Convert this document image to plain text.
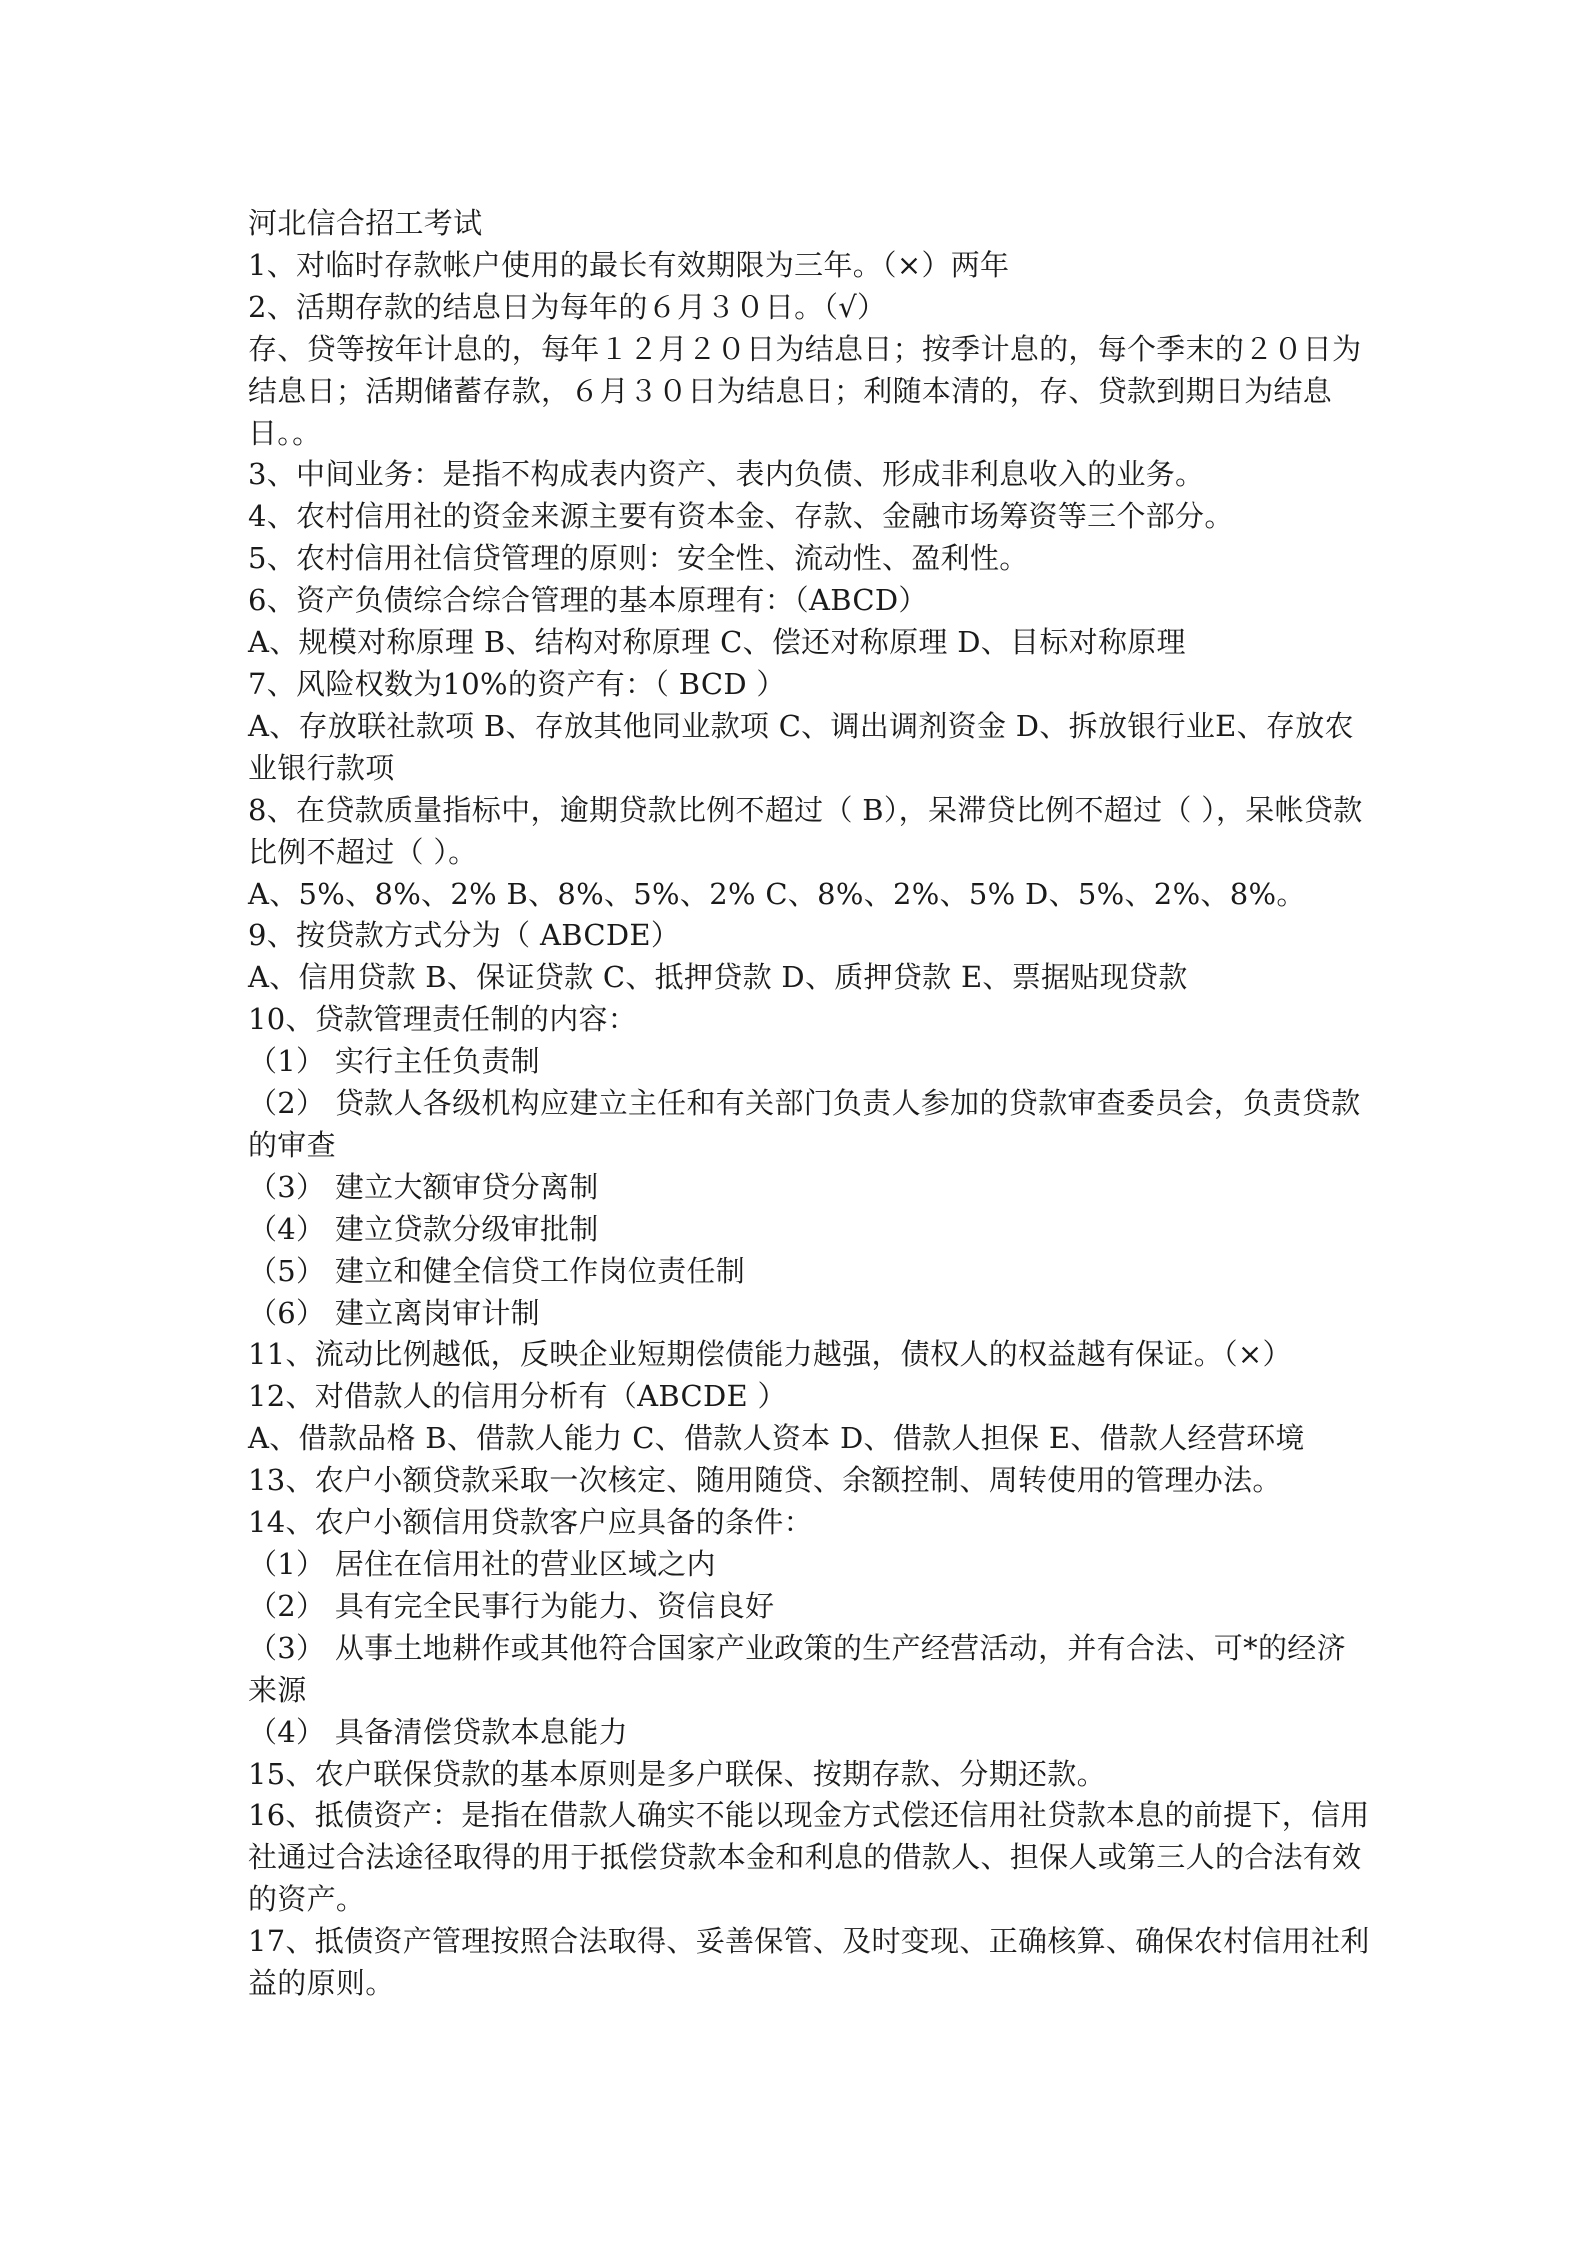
河北信合招工考试
1、对临时存款帐户使用的最长有效期限为三年。（×）两年
2、活期存款的结息日为每年的６月３０日。（√）
存、贷等按年计息的，每年１２月２０日为结息日；按季计息的，每个季末的２０日为结息日；活期储蓄存款，６月３０日为结息日；利随本清的，存、贷款到期日为结息日。。
3、中间业务：是指不构成表内资产、表内负债、形成非利息收入的业务。
4、农村信用社的资金来源主要有资本金、存款、金融市场筹资等三个部分。
5、农村信用社信贷管理的原则：安全性、流动性、盈利性。
6、资产负债综合综合管理的基本原理有：（ABCD）
A、规模对称原理 B、结构对称原理 C、偿还对称原理 D、目标对称原理
7、风险权数为10%的资产有：（ BCD ）
A、存放联社款项 B、存放其他同业款项 C、调出调剂资金 D、拆放银行业E、存放农业银行款项
8、在贷款质量指标中，逾期贷款比例不超过（ B），呆滞贷比例不超过（ ），呆帐贷款比例不超过（ ）。
A、5%、8%、2% B、8%、5%、2% C、8%、2%、5% D、5%、2%、8%。
9、按贷款方式分为（ ABCDE）
A、信用贷款 B、保证贷款 C、抵押贷款 D、质押贷款 E、票据贴现贷款
10、贷款管理责任制的内容：
（1） 实行主任负责制
（2） 贷款人各级机构应建立主任和有关部门负责人参加的贷款审查委员会，负责贷款的审查
（3） 建立大额审贷分离制
（4） 建立贷款分级审批制
（5） 建立和健全信贷工作岗位责任制
（6） 建立离岗审计制
11、流动比例越低，反映企业短期偿债能力越强，债权人的权益越有保证。（×）
12、对借款人的信用分析有（ABCDE ）
A、借款品格 B、借款人能力 C、借款人资本 D、借款人担保 E、借款人经营环境
13、农户小额贷款采取一次核定、随用随贷、余额控制、周转使用的管理办法。
14、农户小额信用贷款客户应具备的条件：
（1） 居住在信用社的营业区域之内
（2） 具有完全民事行为能力、资信良好
（3） 从事土地耕作或其他符合国家产业政策的生产经营活动，并有合法、可*的经济来源
（4） 具备清偿贷款本息能力
15、农户联保贷款的基本原则是多户联保、按期存款、分期还款。
16、抵债资产：是指在借款人确实不能以现金方式偿还信用社贷款本息的前提下，信用社通过合法途径取得的用于抵偿贷款本金和利息的借款人、担保人或第三人的合法有效的资产。
17、抵债资产管理按照合法取得、妥善保管、及时变现、正确核算、确保农村信用社利益的原则。
